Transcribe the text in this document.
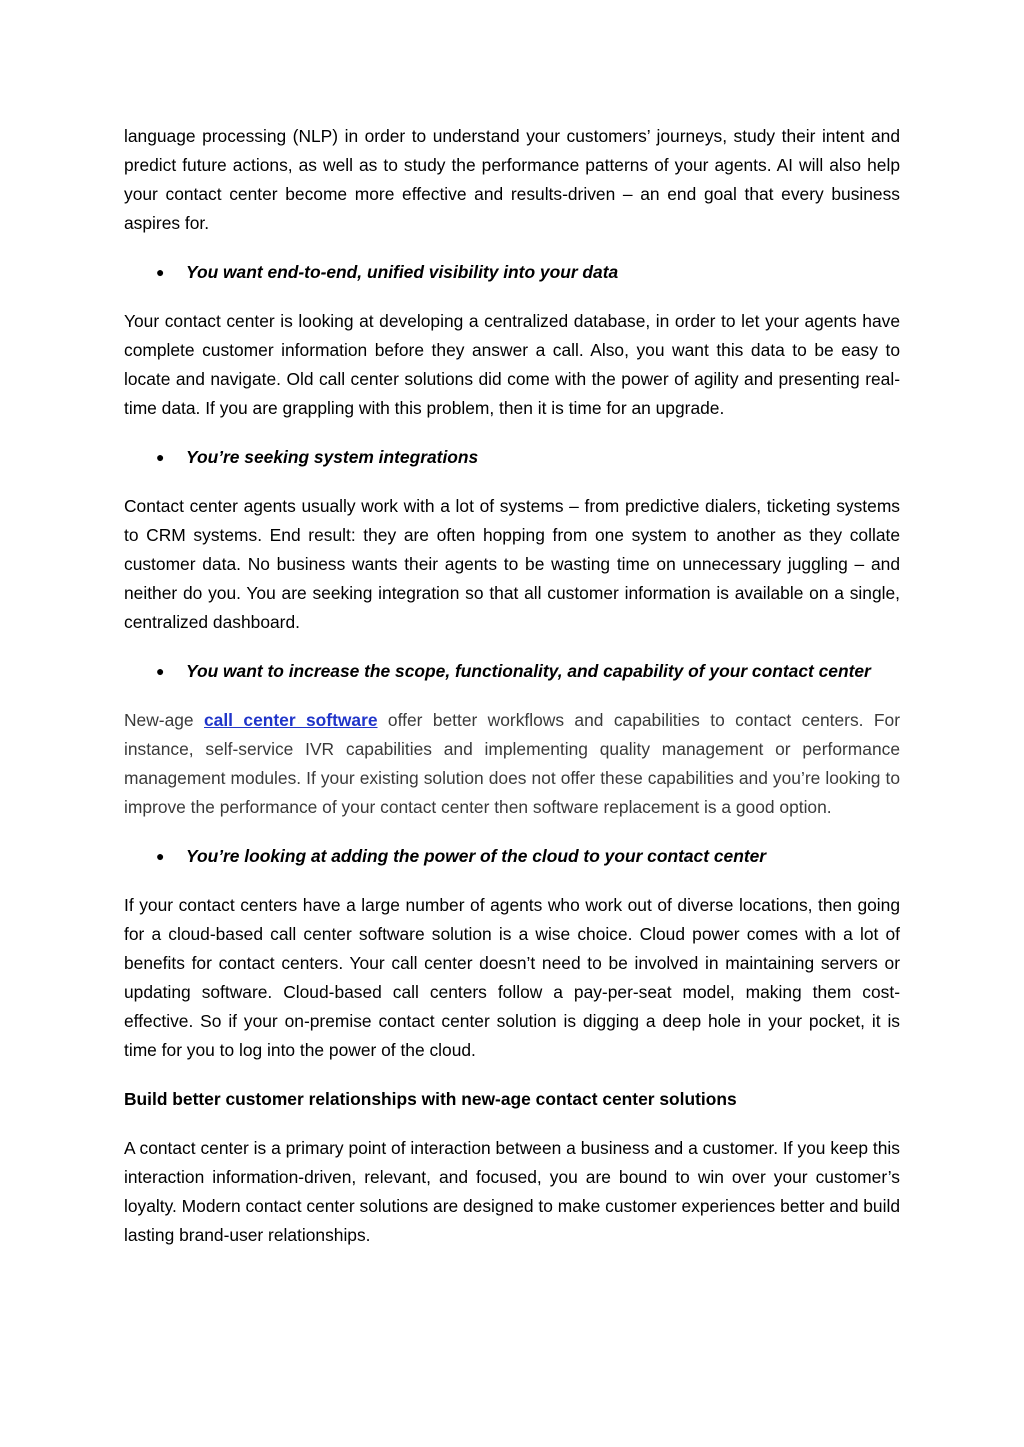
language processing (NLP) in order to understand your customers’ journeys, study their intent and predict future actions, as well as to study the performance patterns of your agents. AI will also help your contact center become more effective and results-driven – an end goal that every business aspires for.

● You want end-to-end, unified visibility into your data

Your contact center is looking at developing a centralized database, in order to let your agents have complete customer information before they answer a call. Also, you want this data to be easy to locate and navigate. Old call center solutions did come with the power of agility and presenting real-time data. If you are grappling with this problem, then it is time for an upgrade.

● You’re seeking system integrations

Contact center agents usually work with a lot of systems – from predictive dialers, ticketing systems to CRM systems. End result: they are often hopping from one system to another as they collate customer data. No business wants their agents to be wasting time on unnecessary juggling – and neither do you. You are seeking integration so that all customer information is available on a single, centralized dashboard.

● You want to increase the scope, functionality, and capability of your contact center

New-age call center software offer better workflows and capabilities to contact centers. For instance, self-service IVR capabilities and implementing quality management or performance management modules. If your existing solution does not offer these capabilities and you’re looking to improve the performance of your contact center then software replacement is a good option.

● You’re looking at adding the power of the cloud to your contact center

If your contact centers have a large number of agents who work out of diverse locations, then going for a cloud-based call center software solution is a wise choice. Cloud power comes with a lot of benefits for contact centers. Your call center doesn’t need to be involved in maintaining servers or updating software. Cloud-based call centers follow a pay-per-seat model, making them cost-effective. So if your on-premise contact center solution is digging a deep hole in your pocket, it is time for you to log into the power of the cloud.

Build better customer relationships with new-age contact center solutions

A contact center is a primary point of interaction between a business and a customer. If you keep this interaction information-driven, relevant, and focused, you are bound to win over your customer’s loyalty. Modern contact center solutions are designed to make customer experiences better and build lasting brand-user relationships.
